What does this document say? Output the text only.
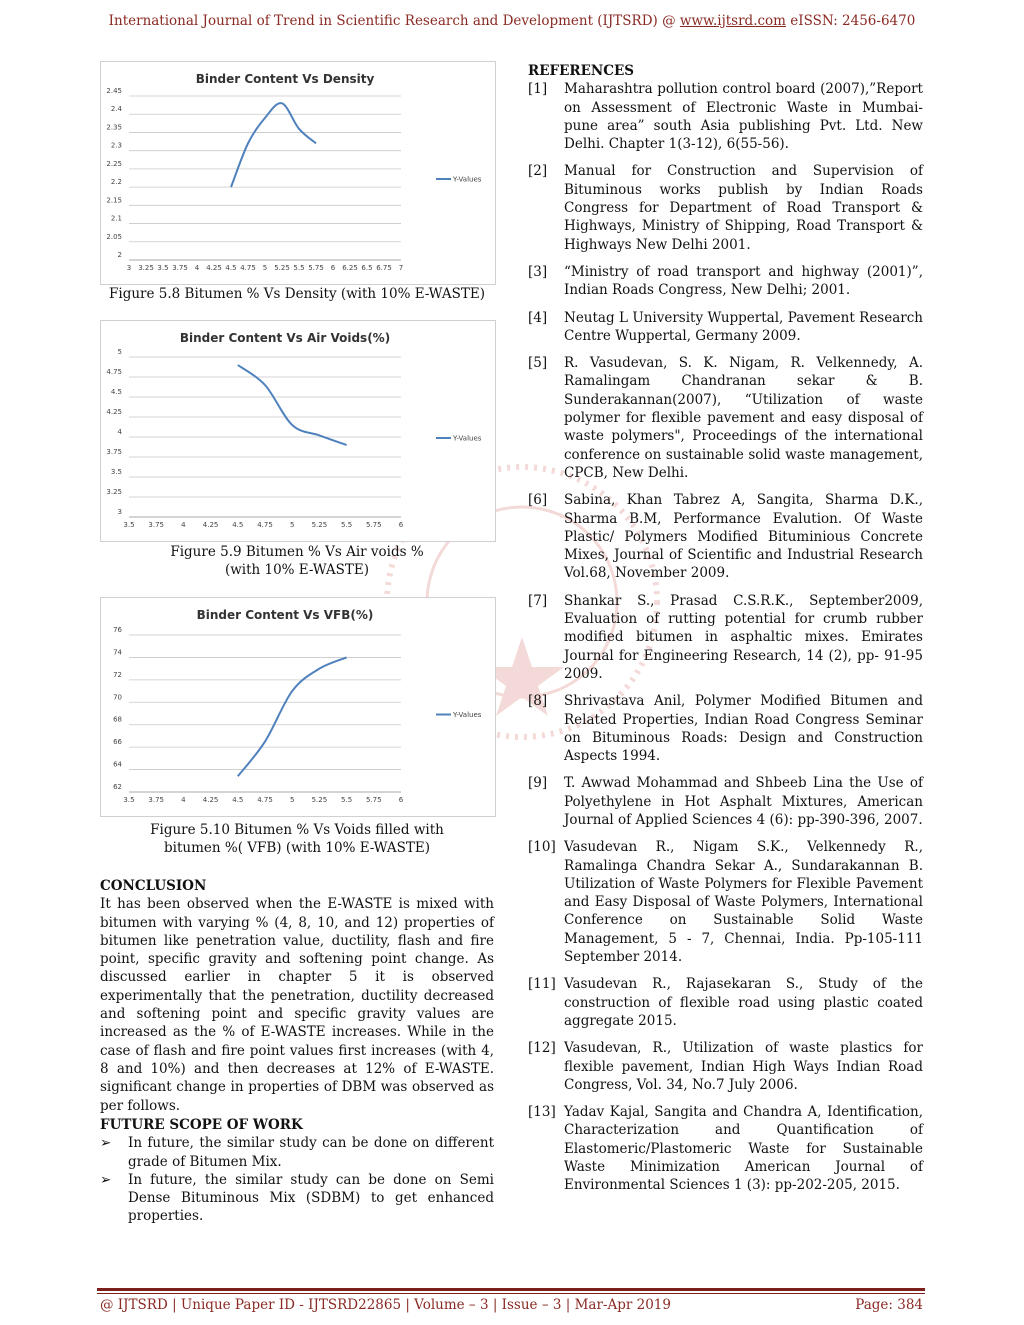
International Journal of Trend in Scientific Research and Development (IJTSRD) @ www.ijtsrd.com eISSN: 2456-6470
Binder Content Vs Density
2
2.05
2.1
2.15
2.2
2.25
2.3
2.35
2.4
2.45
3 3.25 3.5 3.75 4 4.25 4.5 4.75 5 5.25 5.5 5.75 6 6.25 6.5 6.75 7
Y-Values
Figure 5.8 Bitumen % Vs Density (with 10% E-WASTE)
Binder Content Vs Air Voids(%)
3
3.25
3.5
3.75
4
4.25
4.5
4.75
5
3.5 3.75 4 4.25 4.5 4.75 5 5.25 5.5 5.75 6
Y-Values
Figure 5.9 Bitumen % Vs Air voids %
(with 10% E-WASTE)
Binder Content Vs VFB(%)
62
64
66
68
70
72
74
76
3.5 3.75 4 4.25 4.5 4.75 5 5.25 5.5 5.75 6
Y-Values
Figure 5.10 Bitumen % Vs Voids filled with
bitumen %( VFB) (with 10% E-WASTE)
CONCLUSION
It has been observed when the E-WASTE is mixed with bitumen with varying % (4, 8, 10, and 12) properties of bitumen like penetration value, ductility, flash and fire point, specific gravity and softening point change. As discussed earlier in chapter 5 it is observed experimentally that the penetration, ductility decreased and softening point and specific gravity values are increased as the % of E-WASTE increases. While in the case of flash and fire point values first increases (with 4, 8 and 10%) and then decreases at 12% of E-WASTE. significant change in properties of DBM was observed as per follows.
FUTURE SCOPE OF WORK
➢ In future, the similar study can be done on different grade of Bitumen Mix.
➢ In future, the similar study can be done on Semi Dense Bituminous Mix (SDBM) to get enhanced properties.
REFERENCES
[1] Maharashtra pollution control board (2007),”Report on Assessment of Electronic Waste in Mumbai- pune area” south Asia publishing Pvt. Ltd. New Delhi. Chapter 1(3-12), 6(55-56).
[2] Manual for Construction and Supervision of Bituminous works publish by Indian Roads Congress for Department of Road Transport & Highways, Ministry of Shipping, Road Transport & Highways New Delhi 2001.
[3] “Ministry of road transport and highway (2001)”, Indian Roads Congress, New Delhi; 2001.
[4] Neutag L University Wuppertal, Pavement Research Centre Wuppertal, Germany 2009.
[5] R. Vasudevan, S. K. Nigam, R. Velkennedy, A. Ramalingam Chandranan sekar & B. Sunderakannan(2007), “Utilization of waste polymer for flexible pavement and easy disposal of waste polymers", Proceedings of the international conference on sustainable solid waste management, CPCB, New Delhi.
[6] Sabina, Khan Tabrez A, Sangita, Sharma D.K., Sharma B.M, Performance Evalution. Of Waste Plastic/ Polymers Modified Bituminious Concrete Mixes, Journal of Scientific and Industrial Research Vol.68, November 2009.
[7] Shankar S., Prasad C.S.R.K., September2009, Evaluation of rutting potential for crumb rubber modified bitumen in asphaltic mixes. Emirates Journal for Engineering Research, 14 (2), pp- 91-95 2009.
[8] Shrivastava Anil, Polymer Modified Bitumen and Related Properties, Indian Road Congress Seminar on Bituminous Roads: Design and Construction Aspects 1994.
[9] T. Awwad Mohammad and Shbeeb Lina the Use of Polyethylene in Hot Asphalt Mixtures, American Journal of Applied Sciences 4 (6): pp-390-396, 2007.
[10] Vasudevan R., Nigam S.K., Velkennedy R., Ramalinga Chandra Sekar A., Sundarakannan B. Utilization of Waste Polymers for Flexible Pavement and Easy Disposal of Waste Polymers, International Conference on Sustainable Solid Waste Management, 5 - 7, Chennai, India. Pp-105-111 September 2014.
[11] Vasudevan R., Rajasekaran S., Study of the construction of flexible road using plastic coated aggregate 2015.
[12] Vasudevan, R., Utilization of waste plastics for flexible pavement, Indian High Ways Indian Road Congress, Vol. 34, No.7 July 2006.
[13] Yadav Kajal, Sangita and Chandra A, Identification, Characterization and Quantification of Elastomeric/Plastomeric Waste for Sustainable Waste Minimization American Journal of Environmental Sciences 1 (3): pp-202-205, 2015.
@ IJTSRD | Unique Paper ID - IJTSRD22865 | Volume – 3 | Issue – 3 | Mar-Apr 2019	Page: 384
